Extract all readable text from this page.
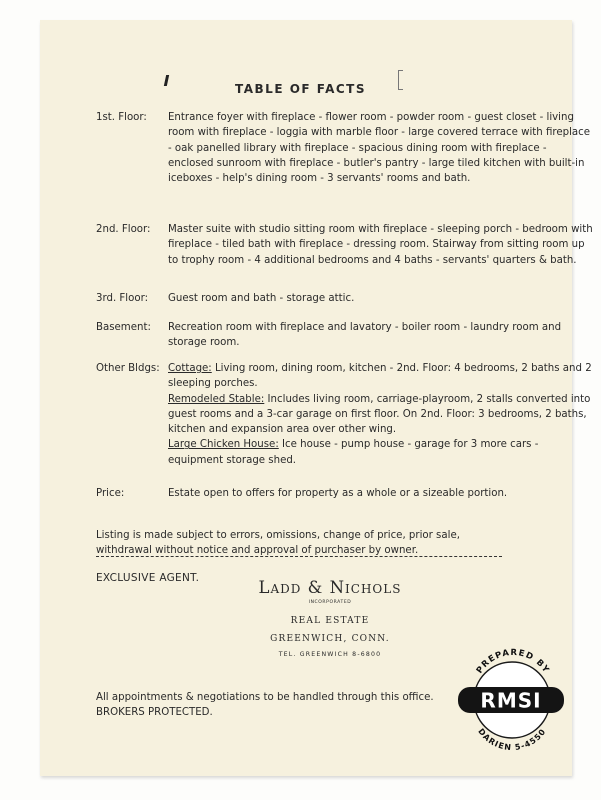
TABLE OF FACTS
1st. Floor:	Entrance foyer with fireplace - flower room - powder room - guest closet - living room with fireplace - loggia with marble floor - large covered terrace with fireplace - oak panelled library with fireplace - spacious dining room with fireplace - enclosed sunroom with fireplace - butler's pantry - large tiled kitchen with built-in iceboxes - help's dining room - 3 servants' rooms and bath.
2nd. Floor:	Master suite with studio sitting room with fireplace - sleeping porch - bedroom with fireplace - tiled bath with fireplace - dressing room. Stairway from sitting room up to trophy room - 4 additional bedrooms and 4 baths - servants' quarters & bath.
3rd. Floor:	Guest room and bath - storage attic.
Basement:	Recreation room with fireplace and lavatory - boiler room - laundry room and storage room.
Other Bldgs: Cottage: Living room, dining room, kitchen - 2nd. Floor: 4 bedrooms, 2 baths and 2 sleeping porches.

Remodeled Stable: Includes living room, carriage-playroom, 2 stalls converted into guest rooms and a 3-car garage on first floor. On 2nd. Floor: 3 bedrooms, 2 baths, kitchen and expansion area over other wing.

Large Chicken House: Ice house - pump house - garage for 3 more cars - equipment storage shed.

Price:	Estate open to offers for property as a whole or a sizeable portion.
Listing is made subject to errors, omissions, change of price, prior sale, withdrawal without notice and approval of purchaser by owner.
EXCLUSIVE AGENT.	Ladd & Nichols
INCORPORATED
REAL ESTATE
GREENWICH, CONN.
TEL. GREENWICH 8-6800
All appointments & negotiations to be handled through this office.
BROKERS PROTECTED.
PREPARED BY
RMSI
DARIEN 5-4550
